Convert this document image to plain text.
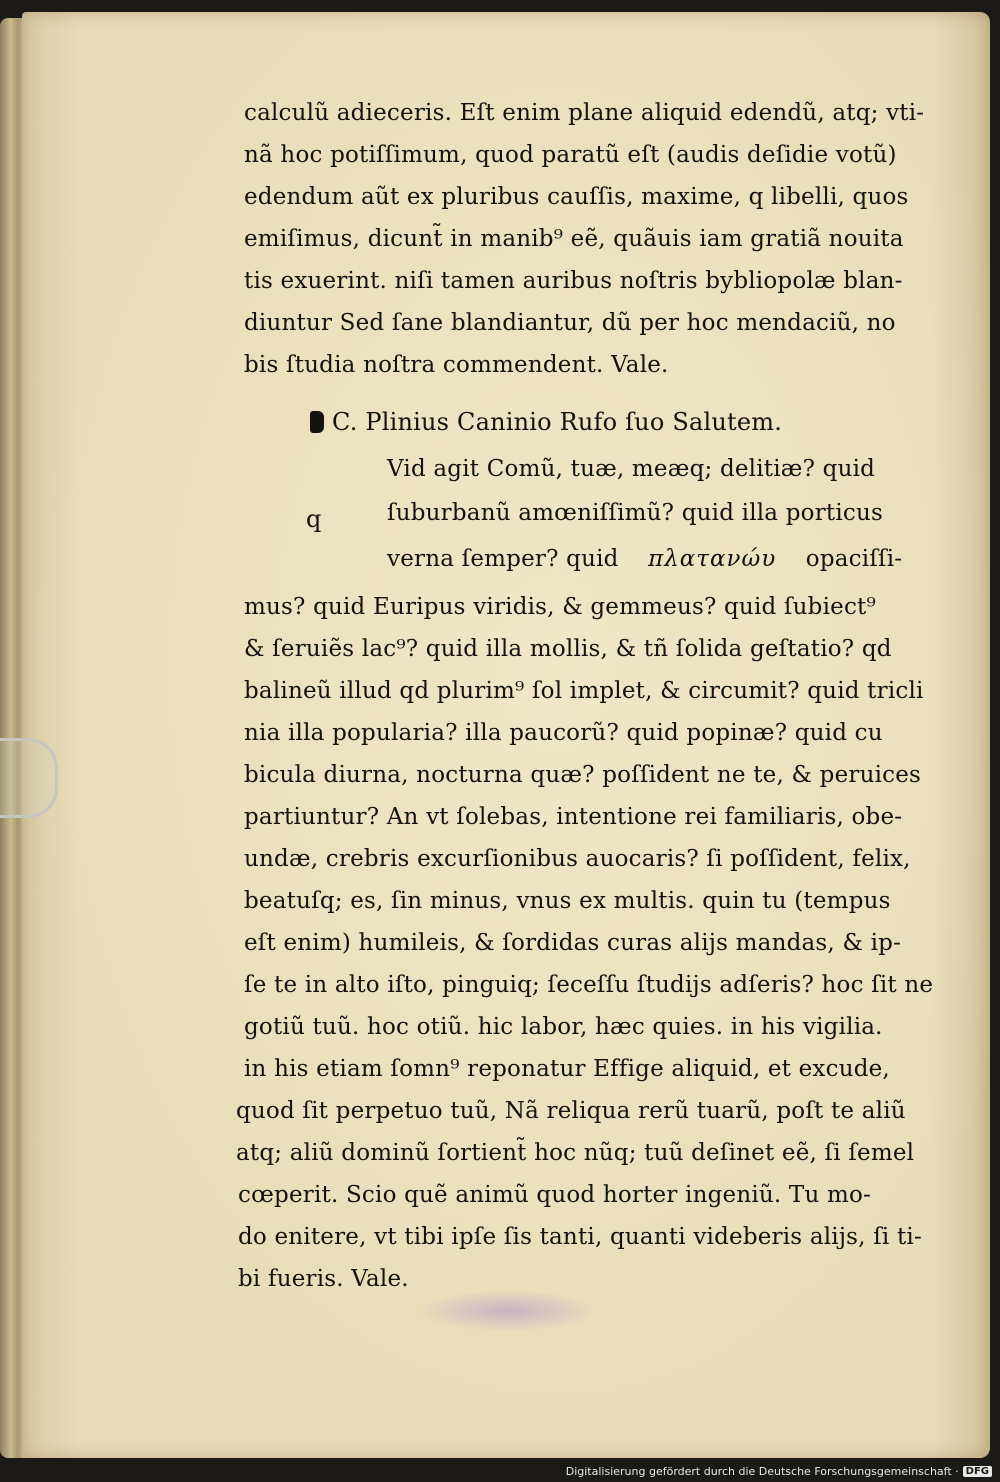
calculũ adieceris. Eſt enim plane aliquid edendũ, atq; vti-
nã hoc potiſſimum, quod paratũ eſt (audis deſidie votũ)
edendum aũt ex pluribus cauſſis, maxime, q libelli, quos
emiſimus, dicunt̃ in manib⁹ eẽ, quãuis iam gratiã nouita
tis exuerint. niſi tamen auribus noſtris bybliopolæ blan-
diuntur Sed ſane blandiantur, dũ per hoc mendaciũ, no
bis ſtudia noſtra commendent. Vale.
C. Plinius Caninio Rufo ſuo Salutem.
Vid agit Comũ, tuæ, meæq; delitiæ? quid
q	ſuburbanũ amœniſſimũ? quid illa porticus
verna ſemper? quid πλατανώυ opaciſſi-
mus? quid Euripus viridis, & gemmeus? quid ſubiect⁹
& ſeruiẽs lac⁹? quid illa mollis, & tñ ſolida geſtatio? qd
balineũ illud qd plurim⁹ ſol implet, & circumit? quid tricli
nia illa popularia? illa paucorũ? quid popinæ? quid cu
bicula diurna, nocturna quæ? poſſident ne te, & peruices
partiuntur? An vt ſolebas, intentione rei familiaris, obe-
undæ, crebris excurſionibus auocaris? ſi poſſident, felix,
beatuſq; es, ſin minus, vnus ex multis. quin tu (tempus
eſt enim) humileis, & ſordidas curas alijs mandas, & ip-
ſe te in alto iſto, pinguiq; ſeceſſu ſtudijs adſeris? hoc ſit ne
gotiũ tuũ. hoc otiũ. hic labor, hæc quies. in his vigilia.
in his etiam ſomn⁹ reponatur Effige aliquid, et excude,
quod ſit perpetuo tuũ, Nã reliqua rerũ tuarũ, poſt te aliũ
atq; aliũ dominũ ſortient̃ hoc nũq; tuũ deſinet eẽ, ſi ſemel
cœperit. Scio quẽ animũ quod horter ingeniũ. Tu mo-
do enitere, vt tibi ipſe ſis tanti, quanti videberis alijs, ſi ti-
bi fueris. Vale.
Digitalisierung gefördert durch die Deutsche Forschungsgemeinschaft · DFG
